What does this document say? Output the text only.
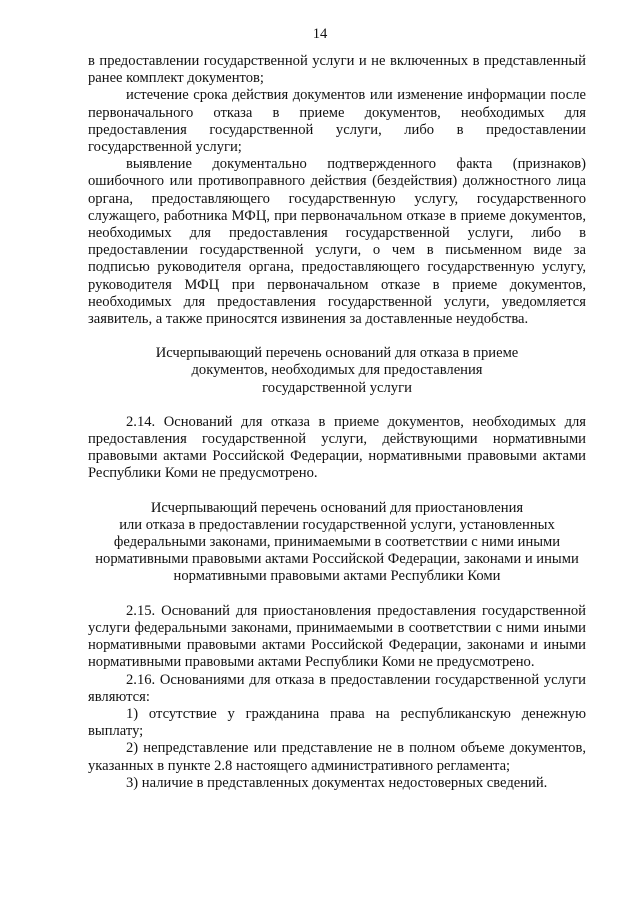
14

в предоставлении государственной услуги и не включенных в представленный ранее комплект документов;

истечение срока действия документов или изменение информации после первоначального отказа в приеме документов, необходимых для предоставления государственной услуги, либо в предоставлении государственной услуги;

выявление документально подтвержденного факта (признаков) ошибочного или противоправного действия (бездействия) должностного лица органа, предоставляющего государственную услугу, государственного служащего, работника МФЦ, при первоначальном отказе в приеме документов, необходимых для предоставления государственной услуги, либо в предоставлении государственной услуги, о чем в письменном виде за подписью руководителя органа, предоставляющего государственную услугу, руководителя МФЦ при первоначальном отказе в приеме документов, необходимых для предоставления государственной услуги, уведомляется заявитель, а также приносятся извинения за доставленные неудобства.

Исчерпывающий перечень оснований для отказа в приеме
документов, необходимых для предоставления
государственной услуги

2.14. Оснований для отказа в приеме документов, необходимых для предоставления государственной услуги, действующими нормативными правовыми актами Российской Федерации, нормативными правовыми актами Республики Коми не предусмотрено.

Исчерпывающий перечень оснований для приостановления
или отказа в предоставлении государственной услуги, установленных
федеральными законами, принимаемыми в соответствии с ними иными
нормативными правовыми актами Российской Федерации, законами и иными
нормативными правовыми актами Республики Коми

2.15. Оснований для приостановления предоставления государственной услуги федеральными законами, принимаемыми в соответствии с ними иными нормативными правовыми актами Российской Федерации, законами и иными нормативными правовыми актами Республики Коми не предусмотрено.

2.16. Основаниями для отказа в предоставлении государственной услуги являются:

1) отсутствие у гражданина права на республиканскую денежную выплату;

2) непредставление или представление не в полном объеме документов, указанных в пункте 2.8 настоящего административного регламента;

3) наличие в представленных документах недостоверных сведений.
